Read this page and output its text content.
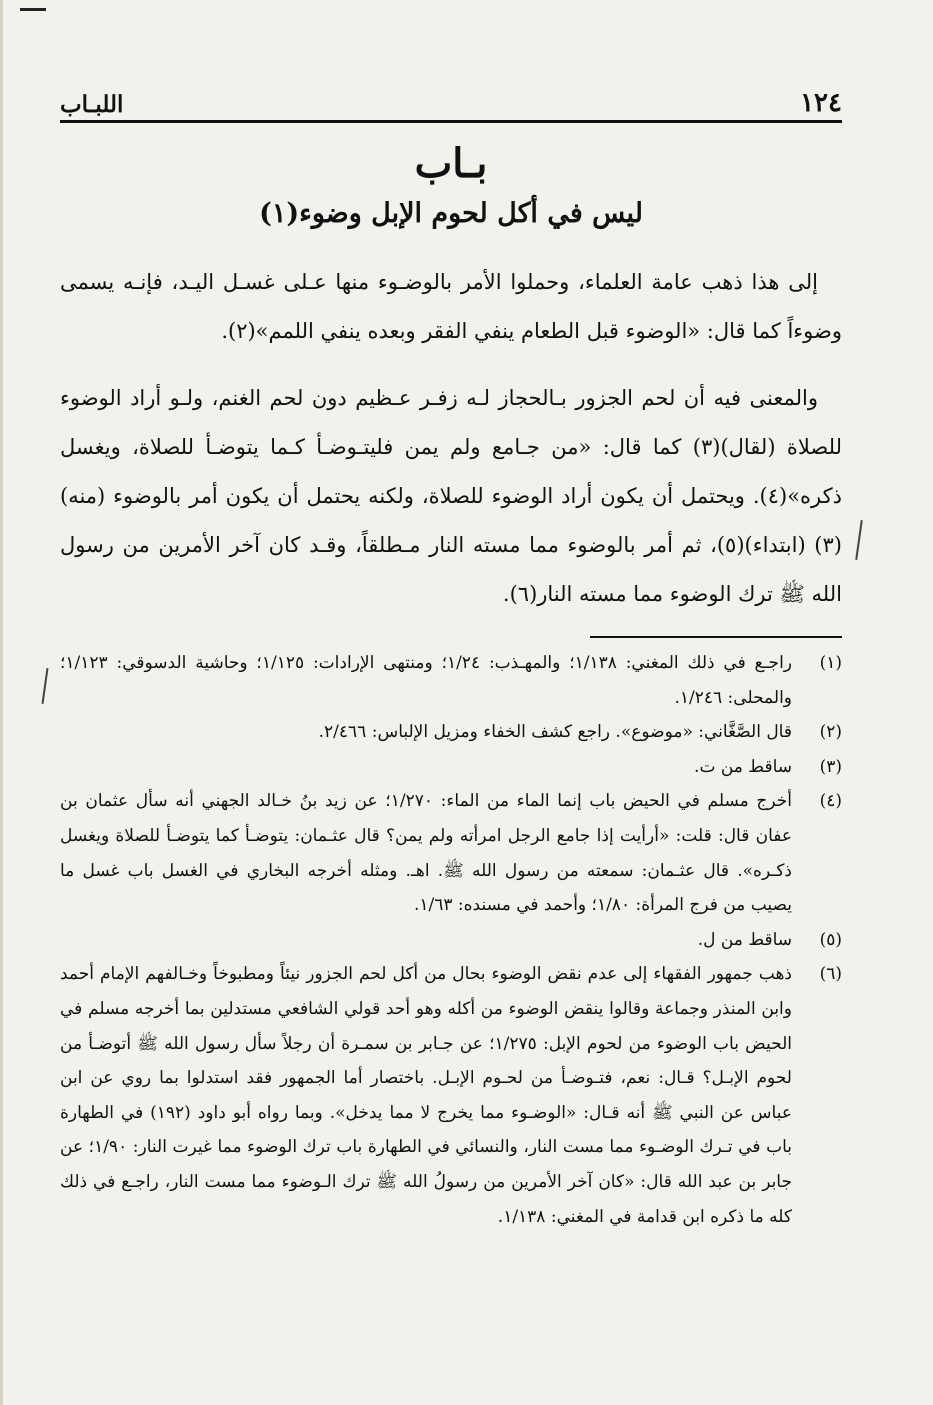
١٢٤
اللبـاب
بـاب
ليس في أكل لحوم الإبل وضوء(١)

إلى هذا ذهب عامة العلماء، وحملوا الأمر بالوضـوء منها عـلى غسـل اليـد، فإنـه يسمى وضوءاً كما قال: «الوضوء قبل الطعام ينفي الفقر وبعده ينفي اللمم»(٢).

والمعنى فيه أن لحم الجزور بـالحجاز لـه زفـر عـظيم دون لحم الغنم، ولـو أراد الوضوء للصلاة (لقال)(٣) كما قال: «من جـامع ولم يمن فليتـوضـأ كـما يتوضـأ للصلاة، ويغسل ذكره»(٤). ويحتمل أن يكون أراد الوضوء للصلاة، ولكنه يحتمل أن يكون أمر بالوضوء (منه)(٣) (ابتداء)(٥)، ثم أمر بالوضوء مما مسته النار مـطلقاً، وقـد كان آخر الأمرين من رسول الله ﷺ ترك الوضوء مما مسته النار(٦).

(١)
راجـع في ذلك المغني: ١/١٣٨؛ والمهـذب: ١/٢٤؛ ومنتهى الإرادات: ١/١٢٥؛ وحاشية الدسوقي: ١/١٢٣؛ والمحلى: ١/٢٤٦.
(٢)
قال الصَّغَّاني: «موضوع». راجع كشف الخفاء ومزيل الإلباس: ٢/٤٦٦.
(٣)
ساقط من ت.
(٤)
أخرج مسلم في الحيض باب إنما الماء من الماء: ١/٢٧٠؛ عن زيد بنُ خـالد الجهني أنه سأل عثمان بن عفان قال: قلت: «أرأيت إذا جامع الرجل امرأته ولم يمن؟ قال عثـمان: يتوضـأ كما يتوضـأ للصلاة ويغسل ذكـره». قال عثـمان: سمعته من رسول الله ﷺ. اهـ. ومثله أخرجه البخاري في الغسل باب غسل ما يصيب من فرج المرأة: ١/٨٠؛ وأحمد في مسنده: ١/٦٣.
(٥)
ساقط من ل.
(٦)
ذهب جمهور الفقهاء إلى عدم نقض الوضوء بحال من أكل لحم الجزور نيئاً ومطبوخاً وخـالفهم الإمام أحمد وابن المنذر وجماعة وقالوا ينقض الوضوء من أكله وهو أحد قولي الشافعي مستدلين بما أخرجه مسلم في الحيض باب الوضوء من لحوم الإبل: ١/٢٧٥؛ عن جـابر بن سمـرة أن رجلاً سأل رسول الله ﷺ أتوضـأ من لحوم الإبـل؟ قـال: نعم، فتـوضـأ من لحـوم الإبـل. باختصار أما الجمهور فقد استدلوا بما روي عن ابن عباس عن النبي ﷺ أنه قـال: «الوضـوء مما يخرج لا مما يدخل». وبما رواه أبو داود (١٩٢) في الطهارة باب في تـرك الوضـوء مما مست النار، والنسائي في الطهارة باب ترك الوضوء مما غيرت النار: ١/٩٠؛ عن جابر بن عبد الله قال: «كان آخر الأمرين من رسولُ الله ﷺ ترك الـوضوء مما مست النار، راجـع في ذلك كله ما ذكره ابن قدامة في المغني: ١/١٣٨.
